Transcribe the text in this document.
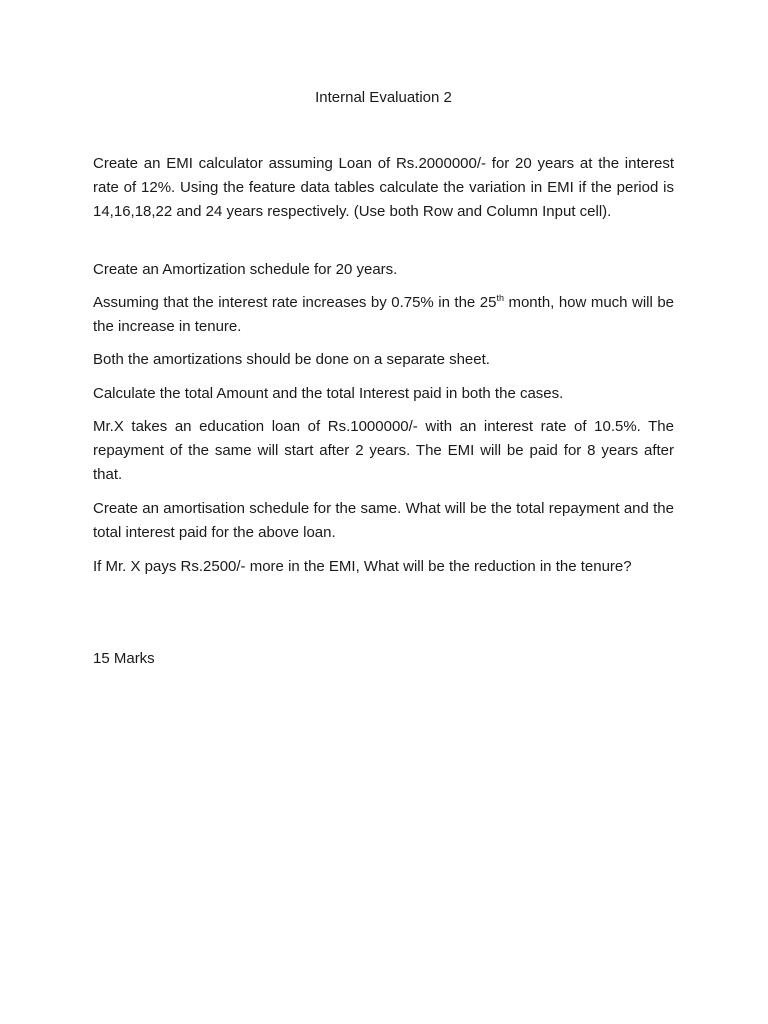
Internal Evaluation 2

Create an EMI calculator assuming Loan of Rs.2000000/- for 20 years at the interest rate of 12%. Using the feature data tables calculate the variation in EMI if the period is 14,16,18,22 and 24 years respectively. (Use both Row and Column Input cell).

Create an Amortization schedule for 20 years.

Assuming that the interest rate increases by 0.75% in the 25th month, how much will be the increase in tenure.

Both the amortizations should be done on a separate sheet.

Calculate the total Amount and the total Interest paid in both the cases.

Mr.X takes an education loan of Rs.1000000/- with an interest rate of 10.5%. The repayment of the same will start after 2 years. The EMI will be paid for 8 years after that.

Create an amortisation schedule for the same. What will be the total repayment and the total interest paid for the above loan.

If Mr. X pays Rs.2500/- more in the EMI, What will be the reduction in the tenure?

15 Marks
